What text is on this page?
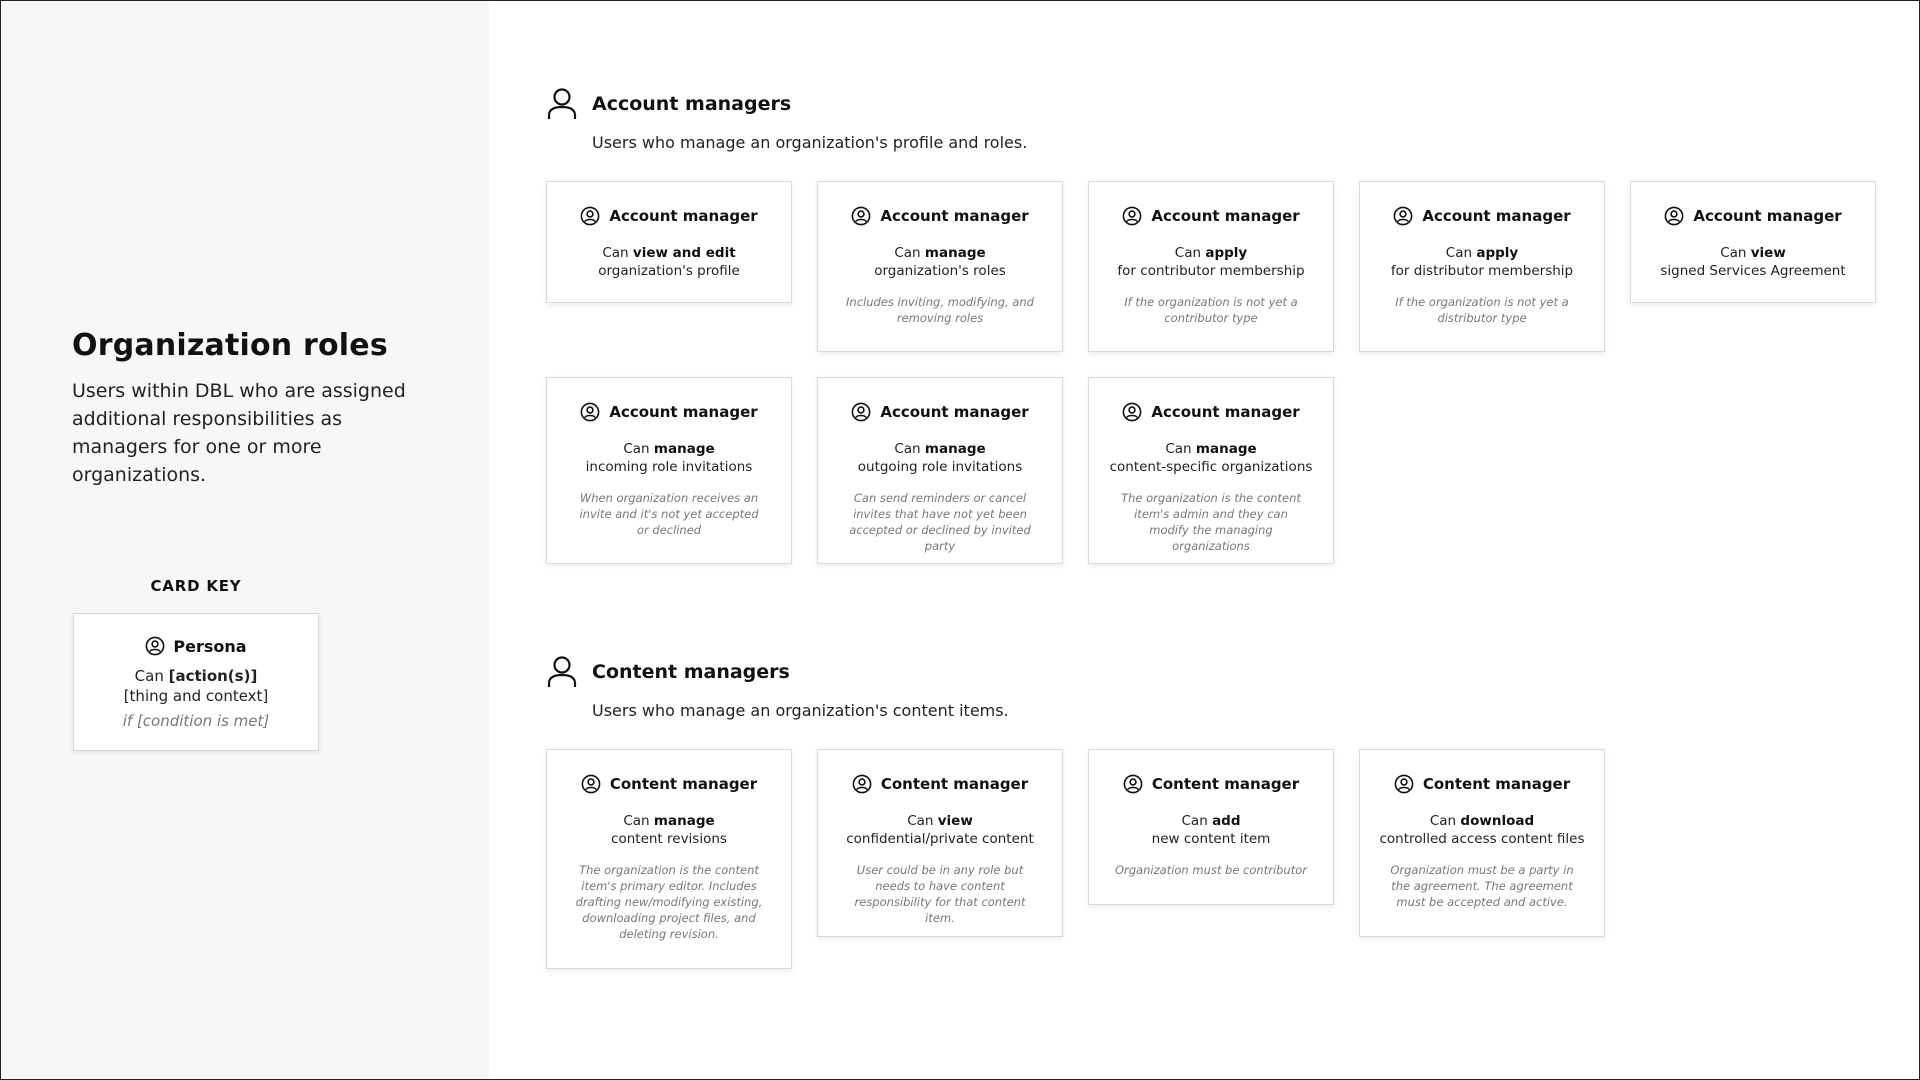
Organization roles

Users within DBL who are assigned additional responsibilities as managers for one or more organizations.

CARD KEY
Persona
Can [action(s)]
[thing and context]
if [condition is met]
Account managers
Users who manage an organization's profile and roles.
Account manager
Can view and edit
organization's profile
Account manager
Can manage
organization's roles
Includes inviting, modifying, and removing roles
Account manager
Can apply
for contributor membership
If the organization is not yet a contributor type
Account manager
Can apply
for distributor membership
If the organization is not yet a distributor type
Account manager
Can view
signed Services Agreement
Account manager
Can manage
incoming role invitations
When organization receives an invite and it's not yet accepted or declined
Account manager
Can manage
outgoing role invitations
Can send reminders or cancel invites that have not yet been accepted or declined by invited party
Account manager
Can manage
content-specific organizations
The organization is the content item's admin and they can modify the managing organizations
Content managers
Users who manage an organization's content items.
Content manager
Can manage
content revisions
The organization is the content item's primary editor. Includes drafting new/modifying existing, downloading project files, and deleting revision.
Content manager
Can view
confidential/private content
User could be in any role but needs to have content responsibility for that content item.
Content manager
Can add
new content item
Organization must be contributor
Content manager
Can download
controlled access content files
Organization must be a party in the agreement. The agreement must be accepted and active.
